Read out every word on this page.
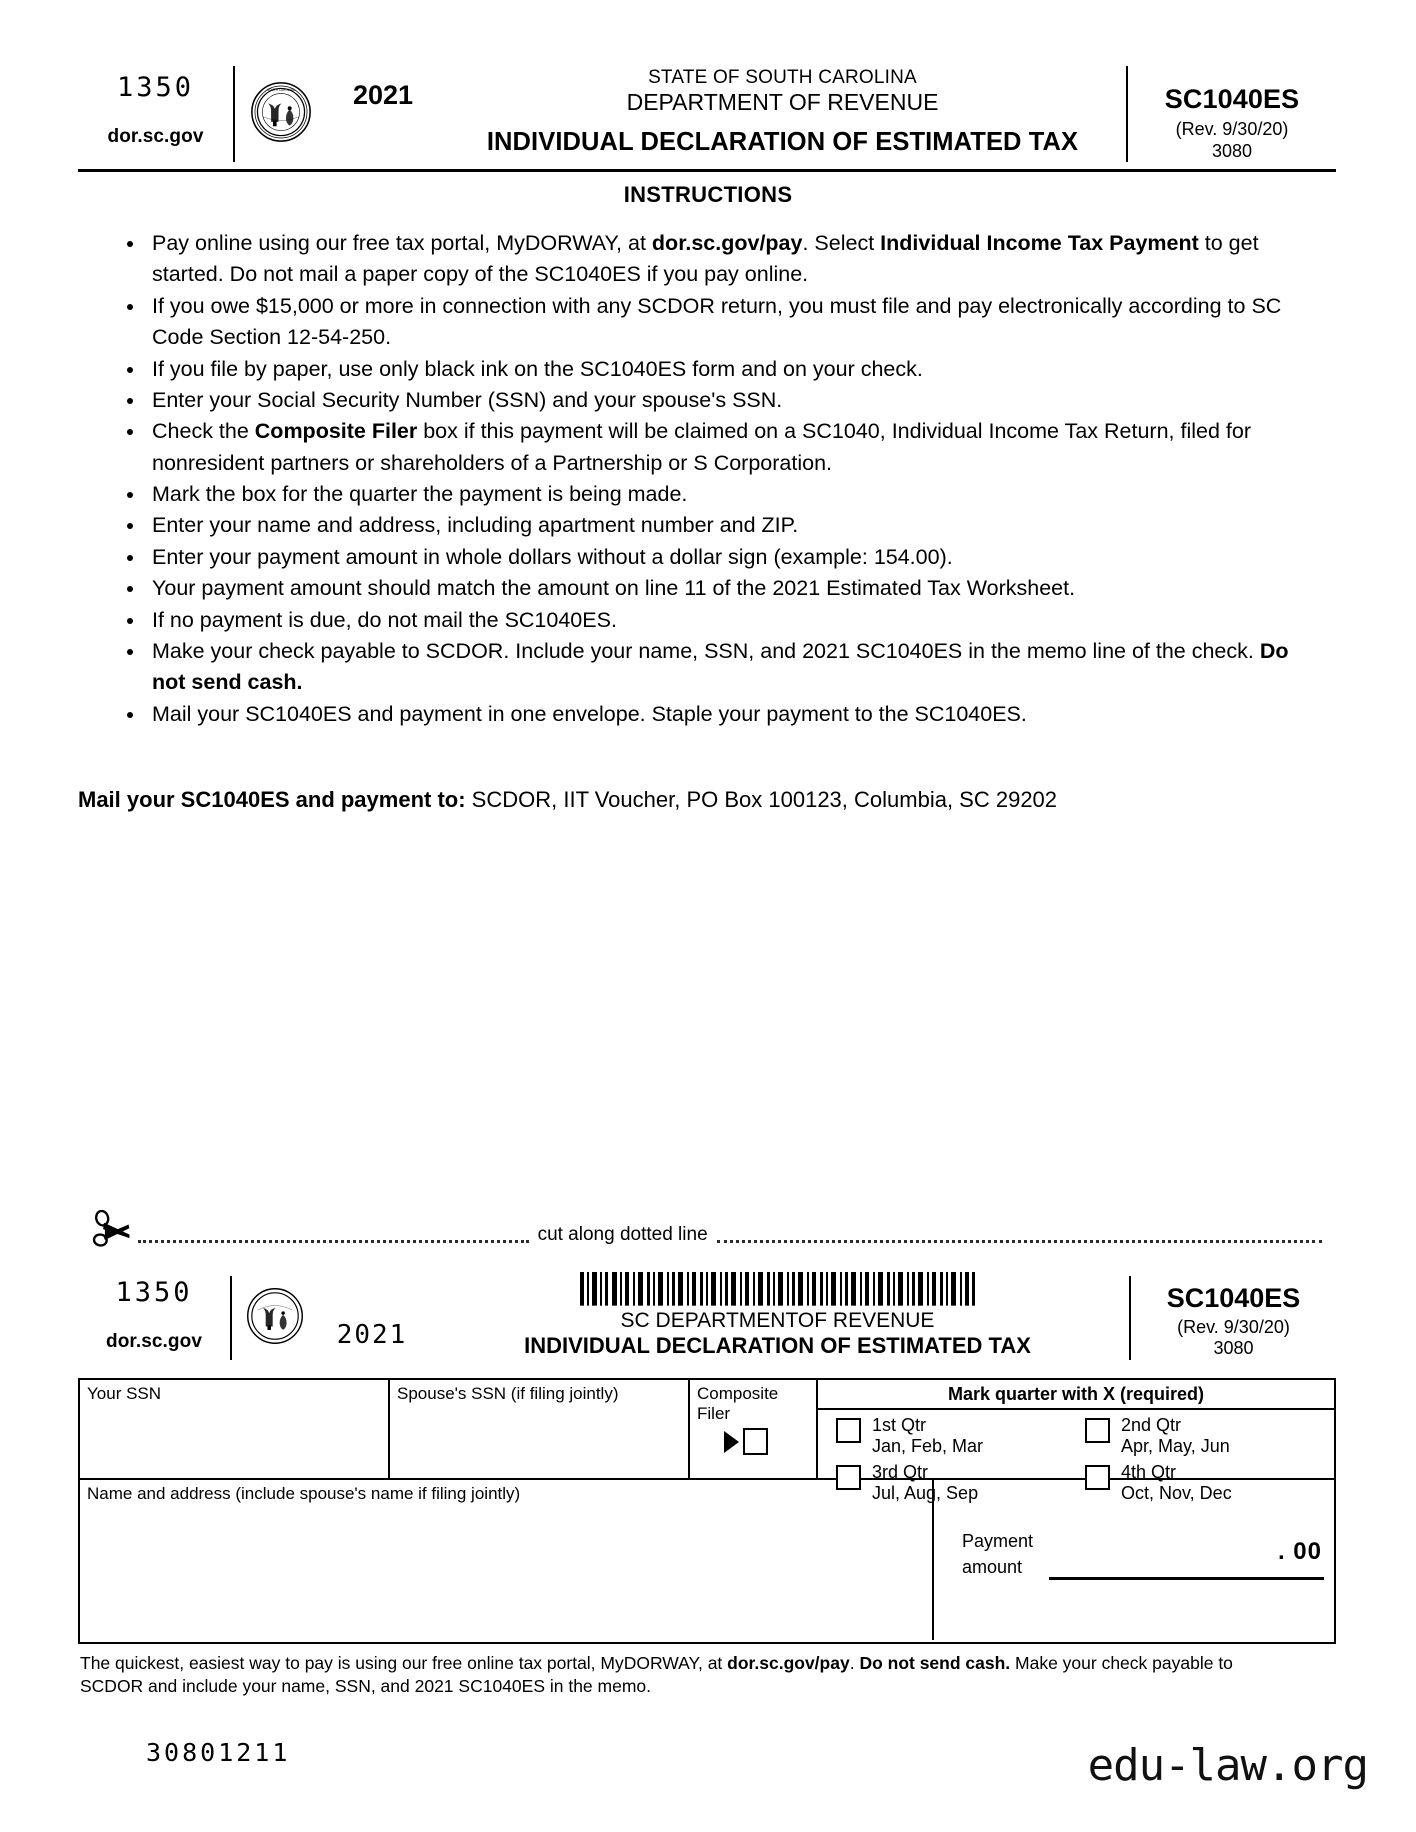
1350
dor.sc.gov
SOUTH CAROLINA 2021
STATE OF SOUTH CAROLINA
DEPARTMENT OF REVENUE
INDIVIDUAL DECLARATION OF ESTIMATED TAX
SC1040ES
(Rev. 9/30/20)
3080
INSTRUCTIONS
• Pay online using our free tax portal, MyDORWAY, at dor.sc.gov/pay. Select Individual Income Tax Payment to get started. Do not mail a paper copy of the SC1040ES if you pay online.
• If you owe $15,000 or more in connection with any SCDOR return, you must file and pay electronically according to SC Code Section 12-54-250.
• If you file by paper, use only black ink on the SC1040ES form and on your check.
• Enter your Social Security Number (SSN) and your spouse's SSN.
• Check the Composite Filer box if this payment will be claimed on a SC1040, Individual Income Tax Return, filed for nonresident partners or shareholders of a Partnership or S Corporation.
• Mark the box for the quarter the payment is being made.
• Enter your name and address, including apartment number and ZIP.
• Enter your payment amount in whole dollars without a dollar sign (example: 154.00).
• Your payment amount should match the amount on line 11 of the 2021 Estimated Tax Worksheet.
• If no payment is due, do not mail the SC1040ES.
• Make your check payable to SCDOR. Include your name, SSN, and 2021 SC1040ES in the memo line of the check. Do not send cash.
• Mail your SC1040ES and payment in one envelope. Staple your payment to the SC1040ES.
Mail your SC1040ES and payment to: SCDOR, IIT Voucher, PO Box 100123, Columbia, SC 29202
cut along dotted line
1350
dor.sc.gov	2021	SC DEPARTMENTOF REVENUE
INDIVIDUAL DECLARATION OF ESTIMATED TAX
SC1040ES
(Rev. 9/30/20)
3080
Your SSN	Spouse's SSN (if filing jointly)	Composite Filer
Mark quarter with X (required)
1st Qtr
Jan, Feb, Mar
2nd Qtr
Apr, May, Jun
3rd Qtr
Jul, Aug, Sep
4th Qtr
Oct, Nov, Dec
Name and address (include spouse's name if filing jointly)
Payment
amount
. 00
The quickest, easiest way to pay is using our free online tax portal, MyDORWAY, at dor.sc.gov/pay. Do not send cash. Make your check payable to
SCDOR and include your name, SSN, and 2021 SC1040ES in the memo.
30801211	edu-law.org
